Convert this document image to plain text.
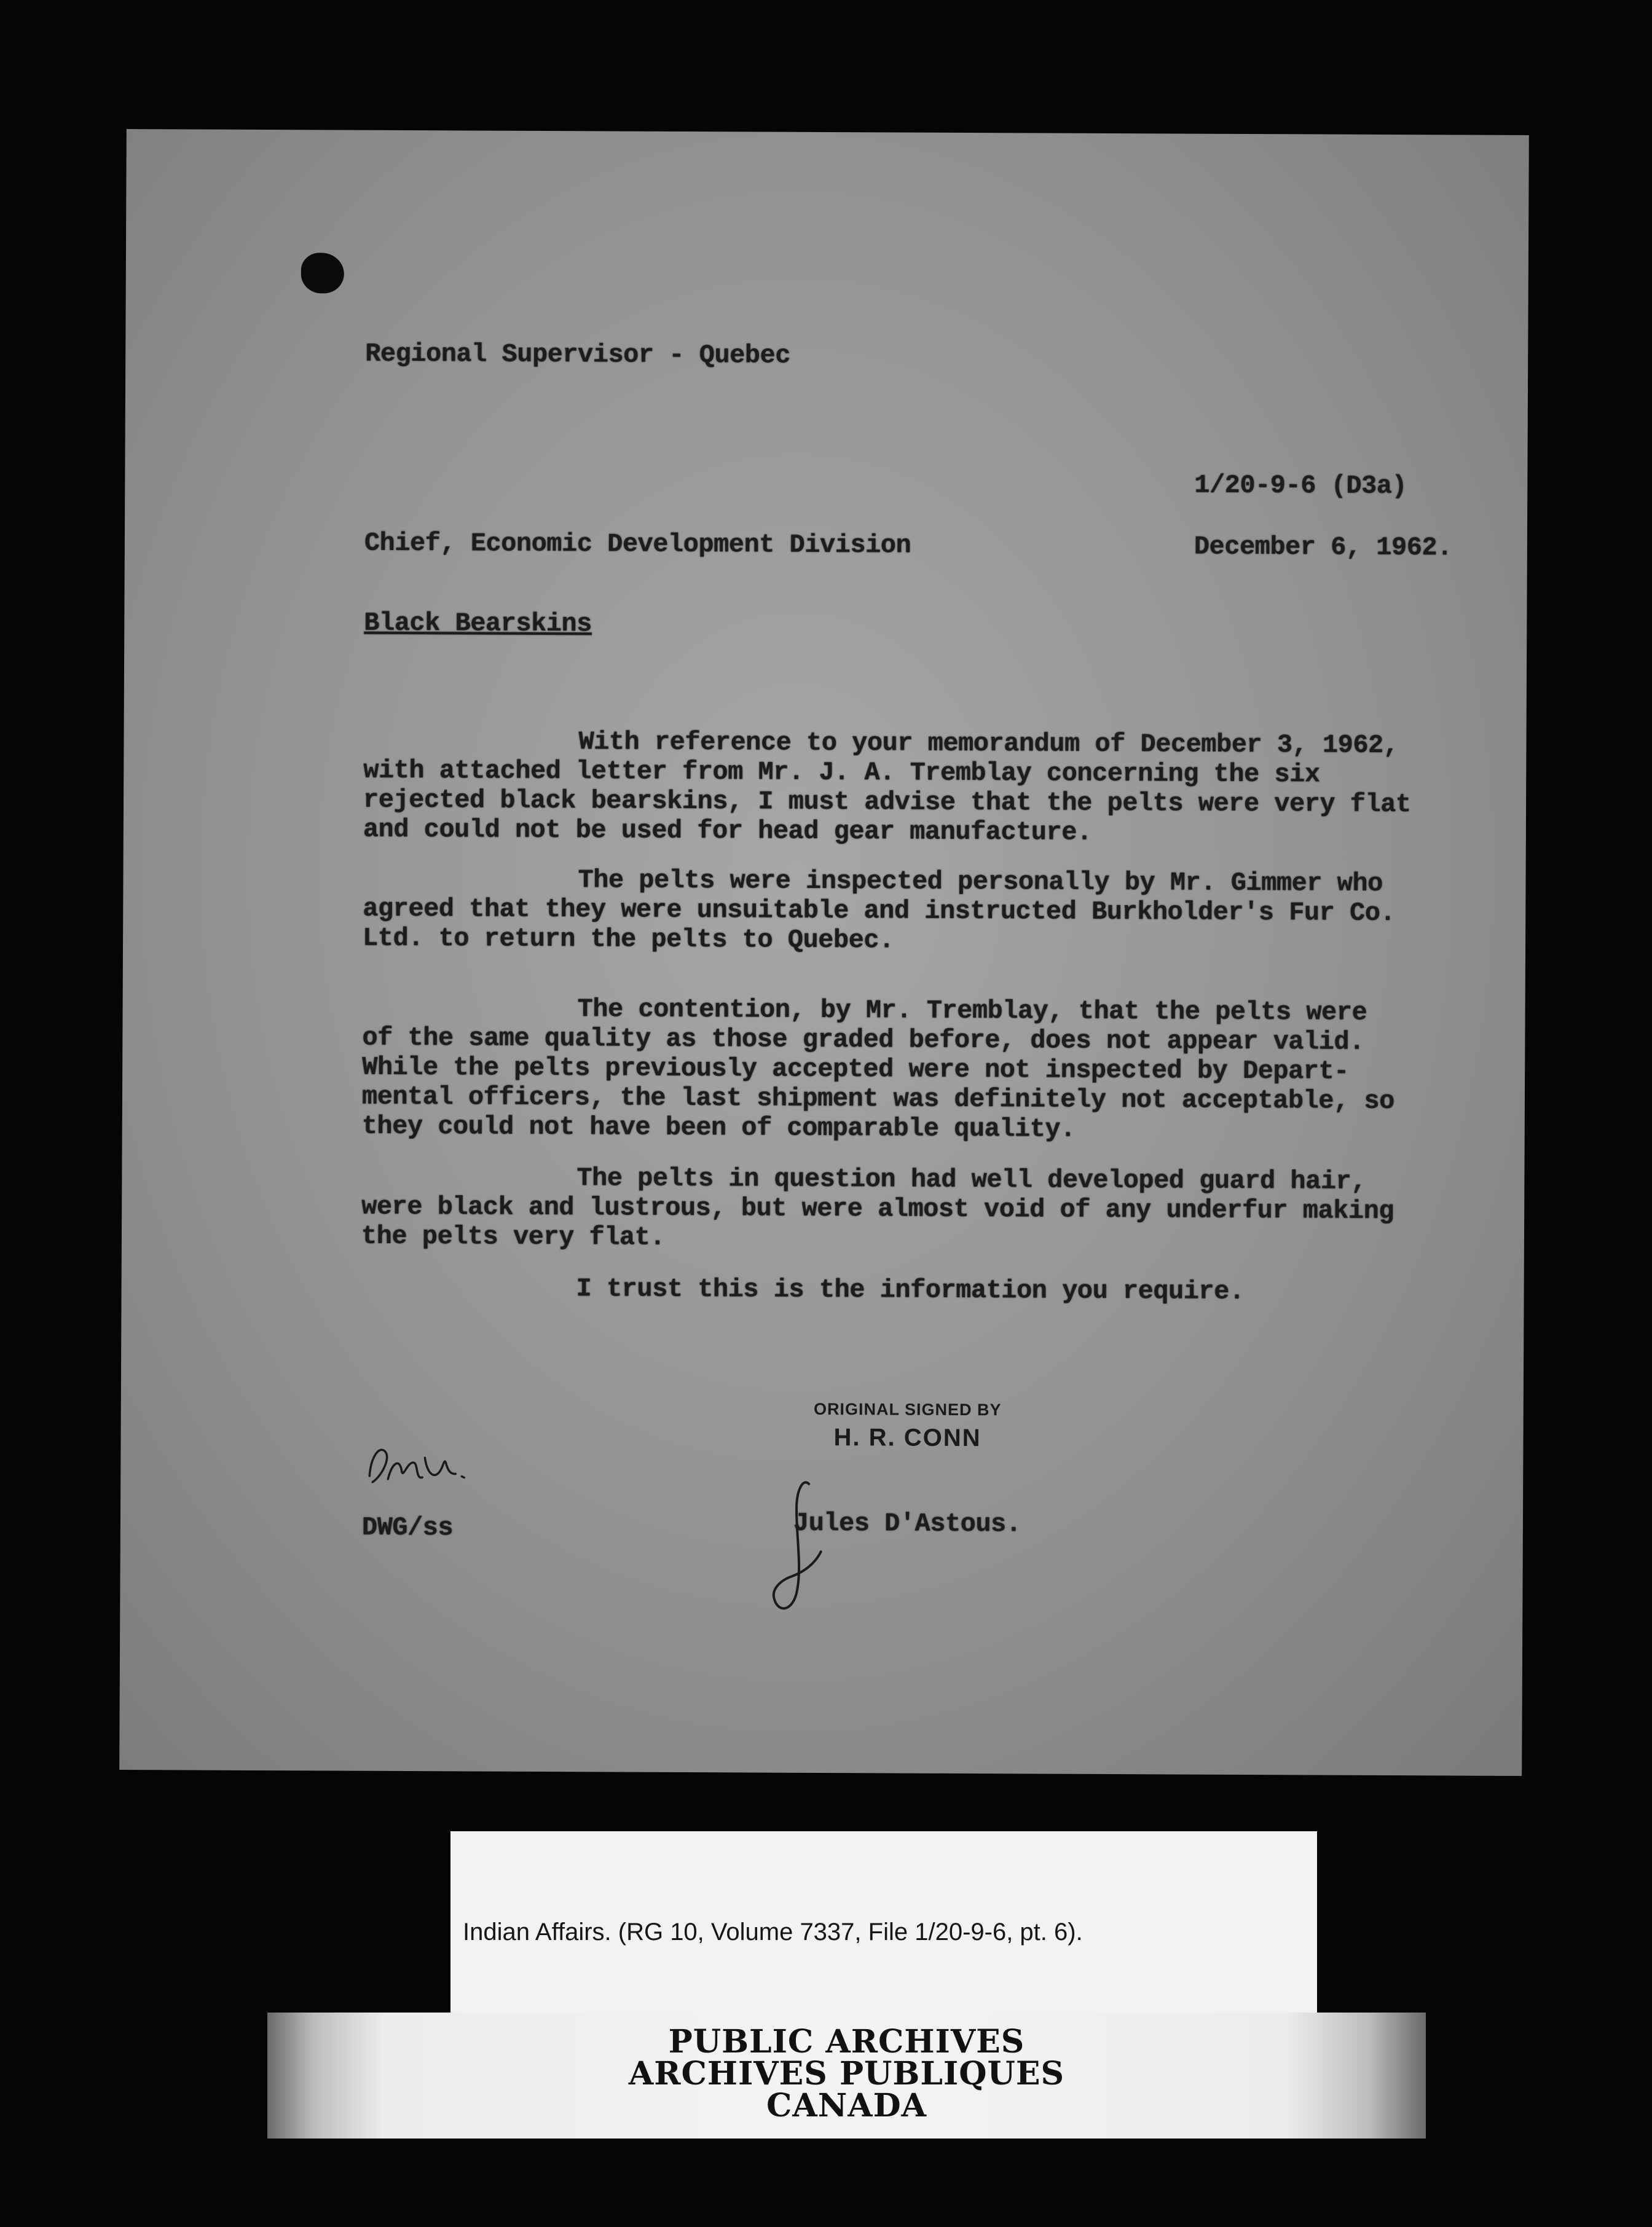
Regional Supervisor - Quebec
1/20-9-6 (D3a)
Chief, Economic Development Division	December 6, 1962.
Black Bearskins
With reference to your memorandum of December 3, 1962,
with attached letter from Mr. J. A. Tremblay concerning the six
rejected black bearskins, I must advise that the pelts were very flat
and could not be used for head gear manufacture.
The pelts were inspected personally by Mr. Gimmer who
agreed that they were unsuitable and instructed Burkholder's Fur Co.
Ltd. to return the pelts to Quebec.
The contention, by Mr. Tremblay, that the pelts were
of the same quality as those graded before, does not appear valid.
While the pelts previously accepted were not inspected by Depart-
mental officers, the last shipment was definitely not acceptable, so
they could not have been of comparable quality.
The pelts in question had well developed guard hair,
were black and lustrous, but were almost void of any underfur making
the pelts very flat.
I trust this is the information you require.
ORIGINAL SIGNED BY
H. R. CONN
Jules D'Astous.
DWG/ss
Indian Affairs. (RG 10, Volume 7337, File 1/20-9-6, pt. 6).
PUBLIC ARCHIVES
ARCHIVES PUBLIQUES
CANADA
